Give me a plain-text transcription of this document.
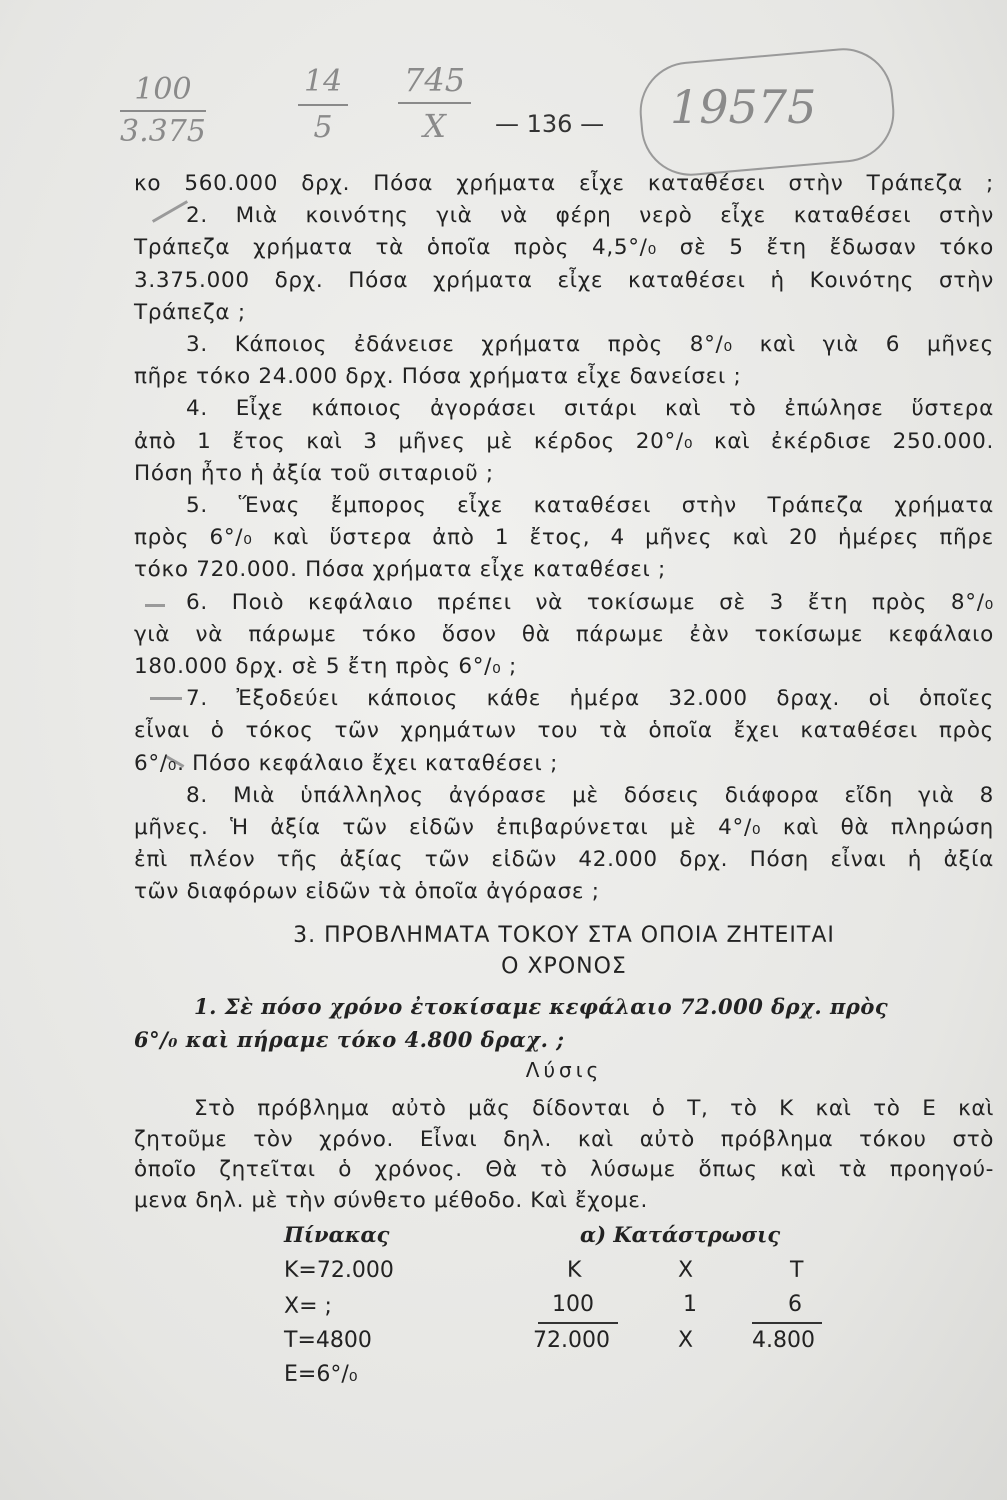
$\frac{100}{3.375}$	$\frac{14}{5} \frac{745}{X}$	19575
— 136 —

κο 560.000 δρχ. Πόσα χρήματα εἶχε καταθέσει στὴν Τράπεζα ;

2. Μιὰ κοινότης γιὰ νὰ φέρη νερὸ εἶχε καταθέσει στὴν

Τράπεζα χρήματα τὰ ὁποῖα πρὸς 4,5°/₀ σὲ 5 ἔτη ἔδωσαν τόκο

3.375.000 δρχ. Πόσα χρήματα εἶχε καταθέσει ἡ Κοινότης στὴν

Τράπεζα ;

3. Κάποιος ἐδάνεισε χρήματα πρὸς 8°/₀ καὶ γιὰ 6 μῆνες

πῆρε τόκο 24.000 δρχ. Πόσα χρήματα εἶχε δανείσει ;

4. Εἶχε κάποιος ἀγοράσει σιτάρι καὶ τὸ ἐπώλησε ὕστερα

ἀπὸ 1 ἔτος καὶ 3 μῆνες μὲ κέρδος 20°/₀ καὶ ἐκέρδισε 250.000.

Πόση ἦτο ἡ ἀξία τοῦ σιταριοῦ ;

5. Ἕνας ἔμπορος εἶχε καταθέσει στὴν Τράπεζα χρήματα

πρὸς 6°/₀ καὶ ὕστερα ἀπὸ 1 ἔτος, 4 μῆνες καὶ 20 ἡμέρες πῆρε

τόκο 720.000. Πόσα χρήματα εἶχε καταθέσει ;

6. Ποιὸ κεφάλαιο πρέπει νὰ τοκίσωμε σὲ 3 ἔτη πρὸς 8°/₀

γιὰ νὰ πάρωμε τόκο ὅσον θὰ πάρωμε ἐὰν τοκίσωμε κεφάλαιο

180.000 δρχ. σὲ 5 ἔτη πρὸς 6°/₀ ;

7. Ἐξοδεύει κάποιος κάθε ἡμέρα 32.000 δραχ. οἱ ὁποῖες

εἶναι ὁ τόκος τῶν χρημάτων του τὰ ὁποῖα ἔχει καταθέσει πρὸς

6°/₀. Πόσο κεφάλαιο ἔχει καταθέσει ;

8. Μιὰ ὑπάλληλος ἀγόρασε μὲ δόσεις διάφορα εἴδη γιὰ 8

μῆνες. Ἡ ἀξία τῶν εἰδῶν ἐπιβαρύνεται μὲ 4°/₀ καὶ θὰ πληρώση

ἐπὶ πλέον τῆς ἀξίας τῶν εἰδῶν 42.000 δρχ. Πόση εἶναι ἡ ἀξία

τῶν διαφόρων εἰδῶν τὰ ὁποῖα ἀγόρασε ;

3. ΠΡΟΒΛΗΜΑΤΑ ΤΟΚΟΥ ΣΤΑ ΟΠΟΙΑ ΖΗΤΕΙΤΑΙ
Ο ΧΡΟΝΟΣ

1. Σὲ πόσο χρόνο ἐτοκίσαμε κεφάλαιο 72.000 δρχ. πρὸς

6°/₀ καὶ πήραμε τόκο 4.800 δραχ. ;

Λύσις

Στὸ πρόβλημα αὐτὸ μᾶς δίδονται ὁ Τ, τὸ Κ καὶ τὸ Ε καὶ

ζητοῦμε τὸν χρόνο. Εἶναι δηλ. καὶ αὐτὸ πρόβλημα τόκου στὸ

ὁποῖο ζητεῖται ὁ χρόνος. Θὰ τὸ λύσωμε ὅπως καὶ τὰ προηγού-

μενα δηλ. μὲ τὴν σύνθετο μέθοδο. Καὶ ἔχομε.

Πίνακας	α) Κατάστρωσις
Κ=72.000
Χ= ;
Τ=4800
Ε=6°/₀
Κ	Χ	Τ
100	1	6
72.000	Χ	4.800
